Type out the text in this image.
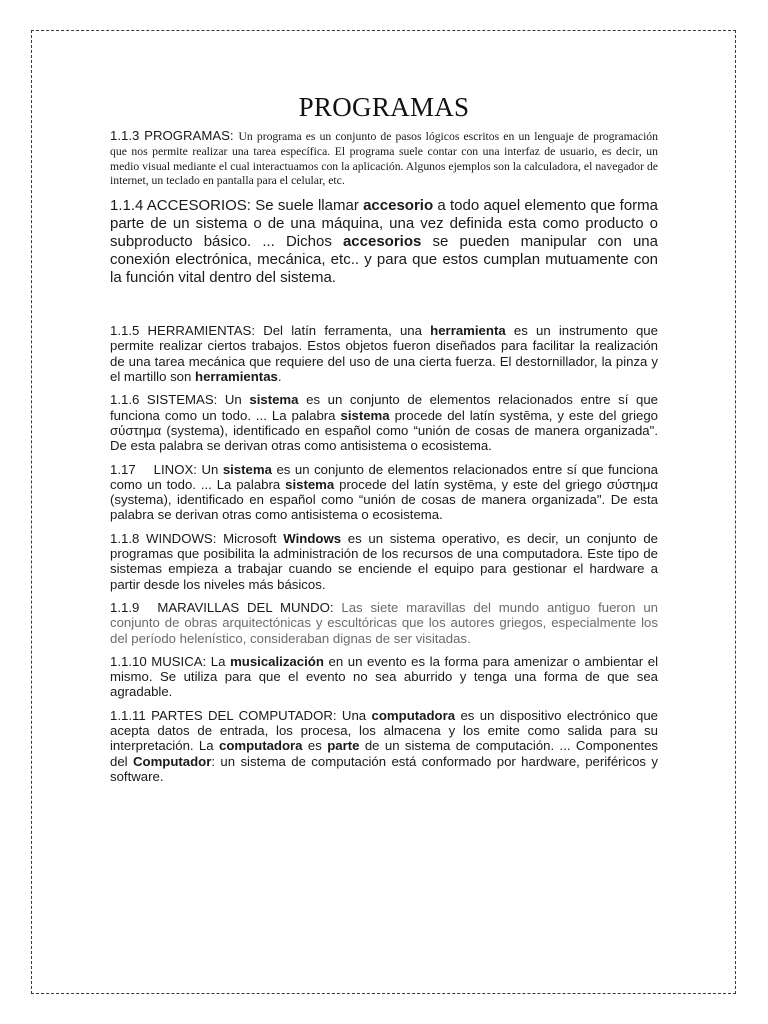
PROGRAMAS

1.1.3 PROGRAMAS: Un programa es un conjunto de pasos lógicos escritos en un lenguaje de programación que nos permite realizar una tarea específica. El programa suele contar con una interfaz de usuario, es decir, un medio visual mediante el cual interactuamos con la aplicación. Algunos ejemplos son la calculadora, el navegador de internet, un teclado en pantalla para el celular, etc.

1.1.4 ACCESORIOS: Se suele llamar accesorio a todo aquel elemento que forma parte de un sistema o de una máquina, una vez definida esta como producto o subproducto básico. ... Dichos accesorios se pueden manipular con una conexión electrónica, mecánica, etc.. y para que estos cumplan mutuamente con la función vital dentro del sistema.

1.1.5 HERRAMIENTAS: Del latín ferramenta, una herramienta es un instrumento que permite realizar ciertos trabajos. Estos objetos fueron diseñados para facilitar la realización de una tarea mecánica que requiere del uso de una cierta fuerza. El destornillador, la pinza y el martillo son herramientas.

1.1.6 SISTEMAS: Un sistema es un conjunto de elementos relacionados entre sí que funciona como un todo. ... La palabra sistema procede del latín systēma, y este del griego σύστημα (systema), identificado en español como “unión de cosas de manera organizada". De esta palabra se derivan otras como antisistema o ecosistema.

1.17 LINOX: Un sistema es un conjunto de elementos relacionados entre sí que funciona como un todo. ... La palabra sistema procede del latín systēma, y este del griego σύστημα (systema), identificado en español como “unión de cosas de manera organizada". De esta palabra se derivan otras como antisistema o ecosistema.

1.1.8 WINDOWS: Microsoft Windows es un sistema operativo, es decir, un conjunto de programas que posibilita la administración de los recursos de una computadora. Este tipo de sistemas empieza a trabajar cuando se enciende el equipo para gestionar el hardware a partir desde los niveles más básicos.

1.1.9 MARAVILLAS DEL MUNDO: Las siete maravillas del mundo antiguo fueron un conjunto de obras arquitectónicas y escultóricas que los autores griegos, especialmente los del período helenístico, consideraban dignas de ser visitadas.

1.1.10 MUSICA: La musicalización en un evento es la forma para amenizar o ambientar el mismo. Se utiliza para que el evento no sea aburrido y tenga una forma de que sea agradable.

1.1.11 PARTES DEL COMPUTADOR: Una computadora es un dispositivo electrónico que acepta datos de entrada, los procesa, los almacena y los emite como salida para su interpretación. La computadora es parte de un sistema de computación. ... Componentes del Computador: un sistema de computación está conformado por hardware, periféricos y software.
